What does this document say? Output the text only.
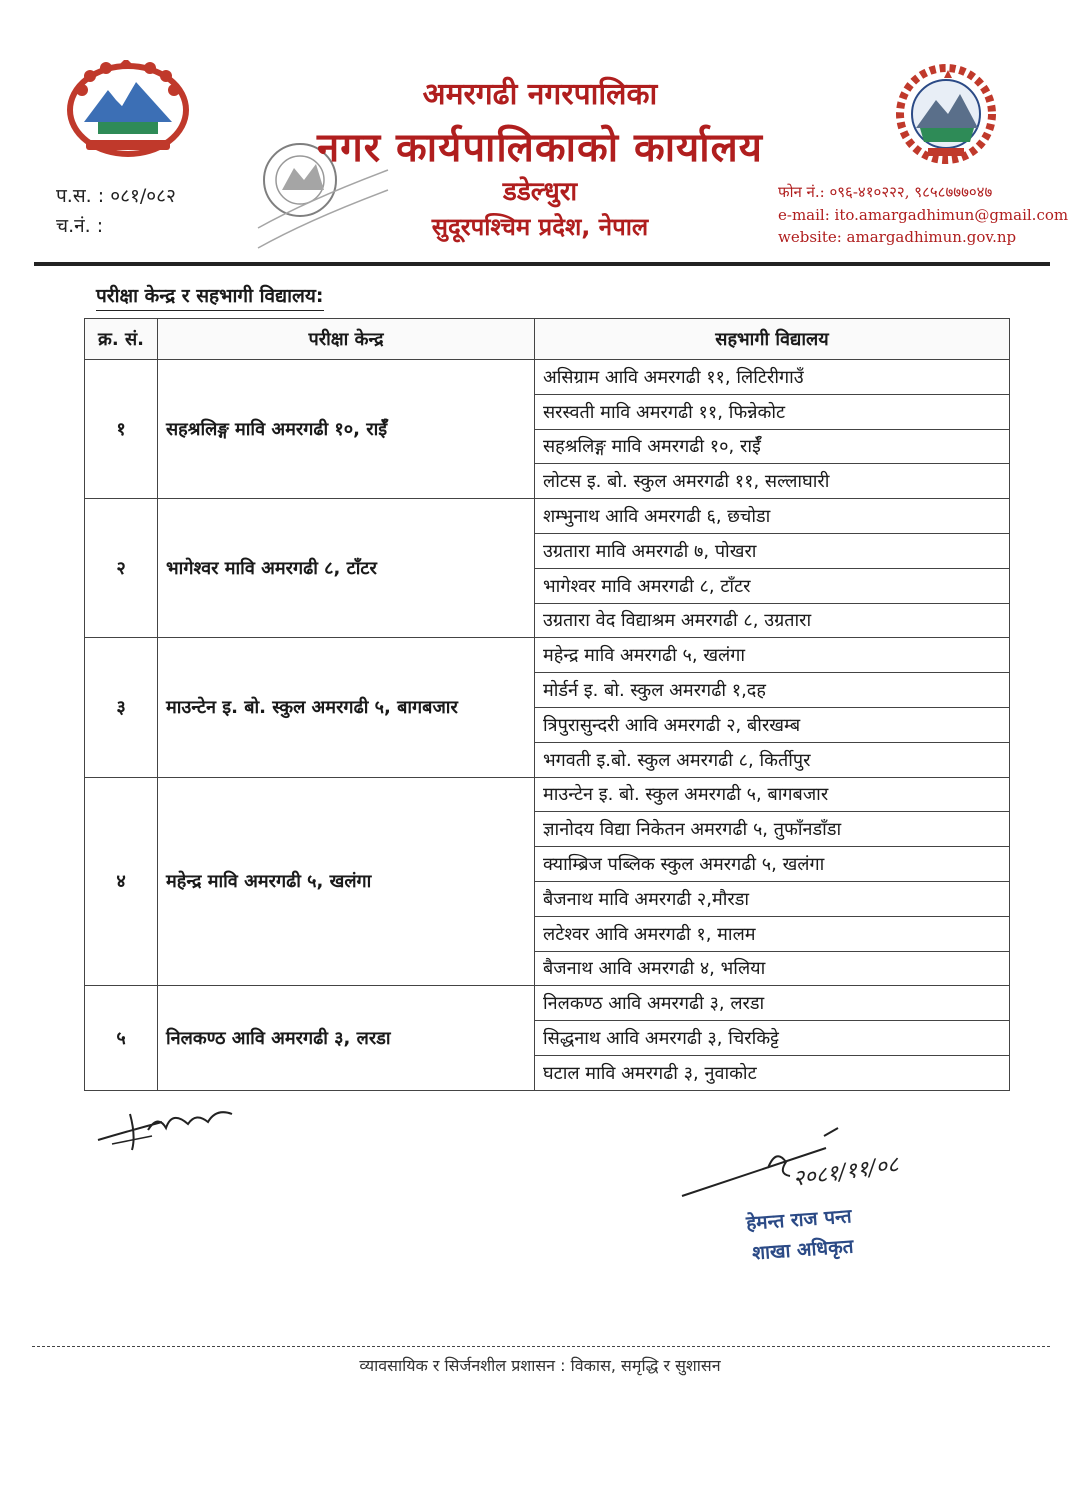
अमरगढी नगरपालिका
नगर कार्यपालिकाको कार्यालय
डडेल्धुरा
सुदूरपश्चिम प्रदेश, नेपाल
प.स. : ०८१/०८२
च.नं. :
फोन नं.: ०९६-४१०२२२, ९८५८७७७०४७
e-mail: ito.amargadhimun@gmail.com
website: amargadhimun.gov.np
परीक्षा केन्द्र र सहभागी विद्यालय:
क्र. सं.	परीक्षा केन्द्र	सहभागी विद्यालय
१	सहश्रलिङ्ग मावि अमरगढी १०, राईँ	असिग्राम आवि अमरगढी ११, लिटिरीगाउँ
		सरस्वती मावि अमरगढी ११, फिन्नेकोट
		सहश्रलिङ्ग मावि अमरगढी १०, राईँ
		लोटस इ. बो. स्कुल अमरगढी ११, सल्लाघारी
२	भागेश्वर मावि अमरगढी ८, टाँटर	शम्भुनाथ आवि अमरगढी ६, छचोडा
		उग्रतारा मावि अमरगढी ७, पोखरा
		भागेश्वर मावि अमरगढी ८, टाँटर
		उग्रतारा वेद विद्याश्रम अमरगढी ८, उग्रतारा
३	माउन्टेन इ. बो. स्कुल अमरगढी ५, बागबजार	महेन्द्र मावि अमरगढी ५, खलंगा
		मोर्डर्न इ. बो. स्कुल अमरगढी १,दह
		त्रिपुरासुन्दरी आवि अमरगढी २, बीरखम्ब
		भगवती इ.बो. स्कुल अमरगढी ८, किर्तीपुर
४	महेन्द्र मावि अमरगढी ५, खलंगा	माउन्टेन इ. बो. स्कुल अमरगढी ५, बागबजार
		ज्ञानोदय विद्या निकेतन अमरगढी ५, तुफाँनडाँडा
		क्याम्ब्रिज पब्लिक स्कुल अमरगढी ५, खलंगा
		बैजनाथ मावि अमरगढी २,मौरडा
		लटेश्वर आवि अमरगढी १, मालम
		बैजनाथ आवि अमरगढी ४, भलिया
५	निलकण्ठ आवि अमरगढी ३, लरडा	निलकण्ठ आवि अमरगढी ३, लरडा
		सिद्धनाथ आवि अमरगढी ३, चिरकिट्टे
		घटाल मावि अमरगढी ३, नुवाकोट
२०८१/११/०८
हेमन्त राज पन्त
शाखा अधिकृत
व्यावसायिक र सिर्जनशील प्रशासन : विकास, समृद्धि र सुशासन
